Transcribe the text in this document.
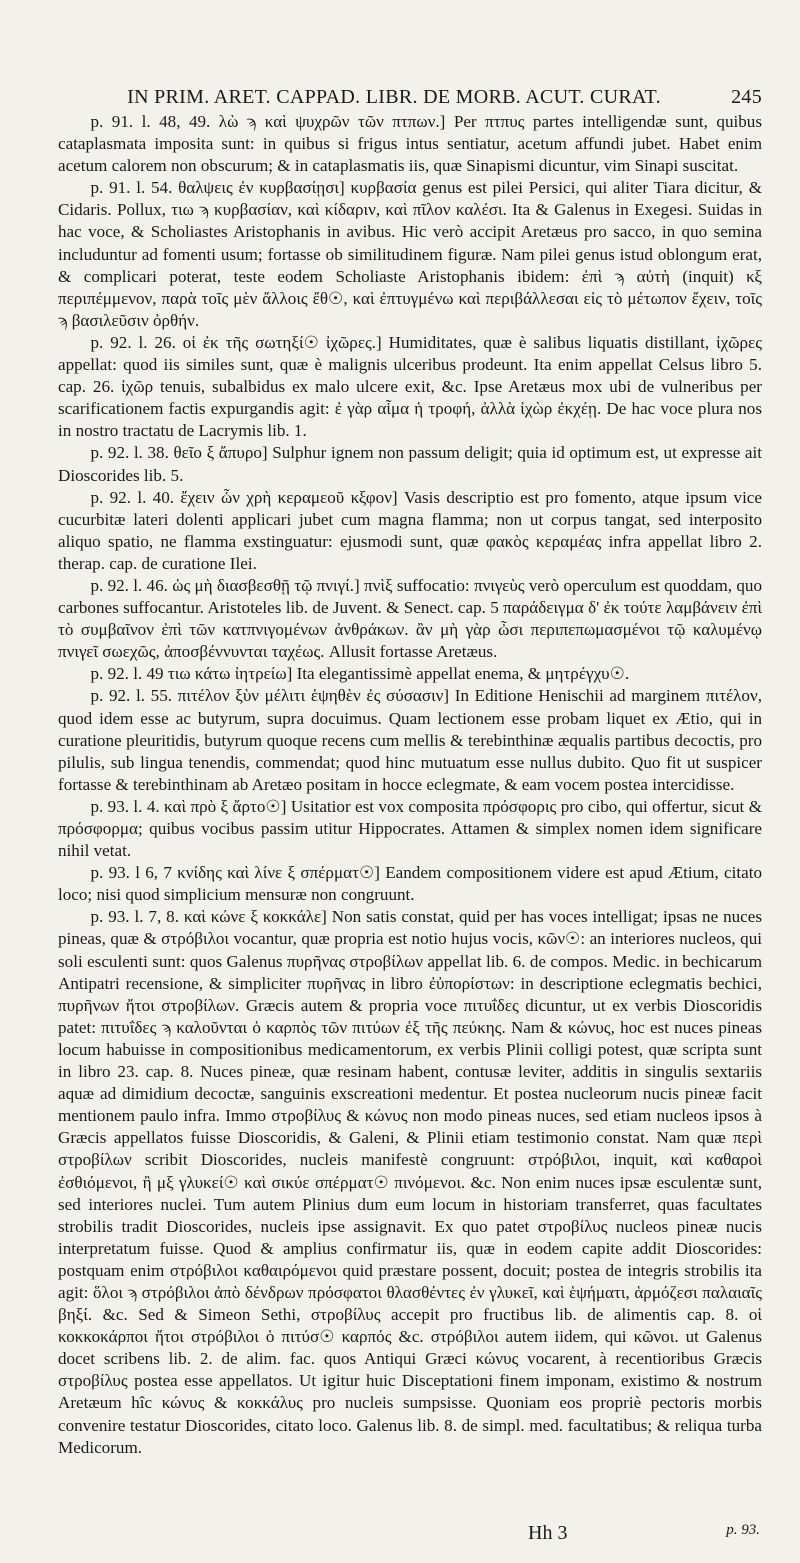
IN PRIM. ARET. CAPPAD. LIBR. DE MORB. ACUT. CURAT.	245

p. 91. l. 48, 49. λὼ ϡ καὶ ψυχρῶν τῶν πτπων.] Per πτπυς partes intelligendæ sunt, quibus cataplasmata imposita sunt: in quibus si frigus intus sentiatur, acetum affundi jubet. Habet enim acetum calorem non obscurum; & in cataplasmatis iis, quæ Sinapismi dicuntur, vim Sinapi suscitat.

p. 91. l. 54. θαλψεις ἐν κυρβασίῃσι] κυρβασία genus est pilei Persici, qui aliter Tiara dicitur, & Cidaris. Pollux, τιω ϡ κυρβασίαν, καὶ κίδαριν, καὶ πῖλον καλέσι. Ita & Galenus in Exegesi. Suidas in hac voce, & Scholiastes Aristophanis in avibus. Hic verò accipit Aretæus pro sacco, in quo semina includuntur ad fomenti usum; fortasse ob similitudinem figuræ. Nam pilei genus istud oblongum erat, & complicari poterat, teste eodem Scholiaste Aristophanis ibidem: ἐπὶ ϡ αὐτὴ (inquit) κξ περιπέμμενον, παρὰ τοῖς μὲν ἄλλοις ἔθ☉, καὶ ἐπτυγμένω καὶ περιβάλλεσαι εἰς τὸ μέτωπον ἔχειν, τοῖς ϡ βασιλεῦσιν ὀρθήν.

p. 92. l. 26. οἱ ἐκ τῆς σωτηξί☉ ἰχῶρες.] Humiditates, quæ è salibus liquatis distillant, ἰχῶρες appellat: quod iis similes sunt, quæ è malignis ulceribus prodeunt. Ita enim appellat Celsus libro 5. cap. 26. ἰχῶρ tenuis, subalbidus ex malo ulcere exit, &c. Ipse Aretæus mox ubi de vulneribus per scarificationem factis expurgandis agit: ἐ γὰρ αἷμα ἡ τροφή, ἀλλὰ ἰχὼρ ἐκχέῃ. De hac voce plura nos in nostro tractatu de Lacrymis lib. 1.

p. 92. l. 38. θεῖο ξ ἄπυρο] Sulphur ignem non passum deligit; quia id optimum est, ut expresse ait Dioscorides lib. 5.

p. 92. l. 40. ἔχειν ὧν χρὴ κεραμεοῦ κξφον] Vasis descriptio est pro fomento, atque ipsum vice cucurbitæ lateri dolenti applicari jubet cum magna flamma; non ut corpus tangat, sed interposito aliquo spatio, ne flamma exstinguatur: ejusmodi sunt, quæ φακὸς κεραμέας infra appellat libro 2. therap. cap. de curatione Ilei.

p. 92. l. 46. ὡς μὴ διασβεσθῇ τῷ πνιγί.] πνὶξ suffocatio: πνιγεὺς verò operculum est quoddam, quo carbones suffocantur. Aristoteles lib. de Juvent. & Senect. cap. 5 παράδειγμα δ' ἐκ τούτε λαμβάνειν ἐπὶ τὸ συμβαῖνον ἐπὶ τῶν κατπνιγομένων ἀνθράκων. ἂν μὴ γὰρ ὦσι περιπεπωμασμένοι τῷ καλυμένῳ πνιγεῖ σωεχῶς, ἀποσβέννυνται ταχέως. Allusit fortasse Aretæus.

p. 92. l. 49 τιω κάτω ἰητρείω] Ita elegantissimè appellat enema, & μητρέγχυ☉.

p. 92. l. 55. πιτέλον ξὺν μέλιτι ἑψηθὲν ἐς σύσασιν] In Editione Henischii ad marginem πιτέλον, quod idem esse ac butyrum, supra docuimus. Quam lectionem esse probam liquet ex Ætio, qui in curatione pleuritidis, butyrum quoque recens cum mellis & terebinthinæ æqualis partibus decoctis, pro pilulis, sub lingua tenendis, commendat; quod hinc mutuatum esse nullus dubito. Quo fit ut suspicer fortasse & terebinthinam ab Aretæo positam in hocce eclegmate, & eam vocem postea intercidisse.

p. 93. l. 4. καὶ πρὸ ξ ἄρτο☉] Usitatior est vox composita πρόσφορις pro cibo, qui offertur, sicut & πρόσφορμα; quibus vocibus passim utitur Hippocrates. Attamen & simplex nomen idem significare nihil vetat.

p. 93. l 6, 7 κνίδης καὶ λίνε ξ σπέρματ☉] Eandem compositionem videre est apud Ætium, citato loco; nisi quod simplicium mensuræ non congruunt.

p. 93. l. 7, 8. καὶ κώνε ξ κοκκάλε] Non satis constat, quid per has voces intelligat; ipsas ne nuces pineas, quæ & στρόβιλοι vocantur, quæ propria est notio hujus vocis, κῶν☉: an interiores nucleos, qui soli esculenti sunt: quos Galenus πυρῆνας στροβίλων appellat lib. 6. de compos. Medic. in bechicarum Antipatri recensione, & simpliciter πυρῆνας in libro ἐὐπορίστων: in descriptione eclegmatis bechici, πυρῆνων ἤτοι στροβίλων. Græcis autem & propria voce πιτυΐδες dicuntur, ut ex verbis Dioscoridis patet: πιτυΐδες ϡ καλοῦνται ὁ καρπὸς τῶν πιτύων ἐξ τῆς πεύκης. Nam & κώνυς, hoc est nuces pineas locum habuisse in compositionibus medicamentorum, ex verbis Plinii colligi potest, quæ scripta sunt in libro 23. cap. 8. Nuces pineæ, quæ resinam habent, contusæ leviter, additis in singulis sextariis aquæ ad dimidium decoctæ, sanguinis exscreationi medentur. Et postea nucleorum nucis pineæ facit mentionem paulo infra. Immo στροβίλυς & κώνυς non modo pineas nuces, sed etiam nucleos ipsos à Græcis appellatos fuisse Dioscoridis, & Galeni, & Plinii etiam testimonio constat. Nam quæ περὶ στροβίλων scribit Dioscorides, nucleis manifestè congruunt: στρόβιλοι, inquit, καὶ καθαροὶ ἐσθιόμενοι, ἢ μξ γλυκεί☉ καὶ σικύε σπέρματ☉ πινόμενοι. &c. Non enim nuces ipsæ esculentæ sunt, sed interiores nuclei. Tum autem Plinius dum eum locum in historiam transferret, quas facultates strobilis tradit Dioscorides, nucleis ipse assignavit. Ex quo patet στροβίλυς nucleos pineæ nucis interpretatum fuisse. Quod & amplius confirmatur iis, quæ in eodem capite addit Dioscorides: postquam enim στρόβιλοι καθαιρόμενοι quid præstare possent, docuit; postea de integris strobilis ita agit: ὅλοι ϡ στρόβιλοι ἀπὸ δένδρων πρόσφατοι θλασθέντες ἐν γλυκεῖ, καὶ ἑψήματι, ἁρμόζεσι παλαιαῖς βηξί. &c. Sed & Simeon Sethi, στροβίλυς accepit pro fructibus lib. de alimentis cap. 8. οἱ κοκκοκάρποι ἤτοι στρόβιλοι ὁ πιτύσ☉ καρπός &c. στρόβιλοι autem iidem, qui κῶνοι. ut Galenus docet scribens lib. 2. de alim. fac. quos Antiqui Græci κώνυς vocarent, à recentioribus Græcis στροβίλυς postea esse appellatos. Ut igitur huic Disceptationi finem imponam, existimo & nostrum Aretæum hîc κώνυς & κοκκάλυς pro nucleis sumpsisse. Quoniam eos propriè pectoris morbis convenire testatur Dioscorides, citato loco. Galenus lib. 8. de simpl. med. facultatibus; & reliqua turba Medicorum.

Hh 3	p. 93.
